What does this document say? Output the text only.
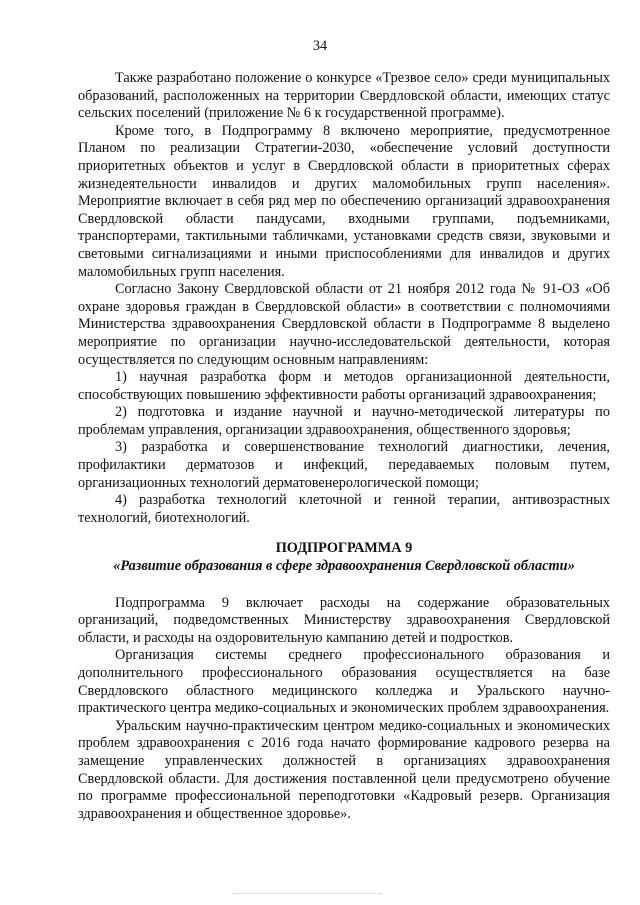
34

Также разработано положение о конкурсе «Трезвое село» среди муниципальных образований, расположенных на территории Свердловской области, имеющих статус сельских поселений (приложение № 6 к государственной программе).

Кроме того, в Подпрограмму 8 включено мероприятие, предусмотренное Планом по реализации Стратегии-2030, «обеспечение условий доступности приоритетных объектов и услуг в Свердловской области в приоритетных сферах жизнедеятельности инвалидов и других маломобильных групп населения». Мероприятие включает в себя ряд мер по обеспечению организаций здравоохранения Свердловской области пандусами, входными группами, подъемниками, транспортерами, тактильными табличками, установками средств связи, звуковыми и световыми сигнализациями и иными приспособлениями для инвалидов и других маломобильных групп населения.

Согласно Закону Свердловской области от 21 ноября 2012 года № 91-ОЗ «Об охране здоровья граждан в Свердловской области» в соответствии с полномочиями Министерства здравоохранения Свердловской области в Подпрограмме 8 выделено мероприятие по организации научно-исследовательской деятельности, которая осуществляется по следующим основным направлениям:

1) научная разработка форм и методов организационной деятельности, способствующих повышению эффективности работы организаций здравоохранения;

2) подготовка и издание научной и научно-методической литературы по проблемам управления, организации здравоохранения, общественного здоровья;

3) разработка и совершенствование технологий диагностики, лечения, профилактики дерматозов и инфекций, передаваемых половым путем, организационных технологий дерматовенерологической помощи;

4) разработка технологий клеточной и генной терапии, антивозрастных технологий, биотехнологий.

ПОДПРОГРАММА 9

«Развитие образования в сфере здравоохранения Свердловской области»

Подпрограмма 9 включает расходы на содержание образовательных организаций, подведомственных Министерству здравоохранения Свердловской области, и расходы на оздоровительную кампанию детей и подростков.

Организация системы среднего профессионального образования и дополнительного профессионального образования осуществляется на базе Свердловского областного медицинского колледжа и Уральского научно-практического центра медико-социальных и экономических проблем здравоохранения.

Уральским научно-практическим центром медико-социальных и экономических проблем здравоохранения с 2016 года начато формирование кадрового резерва на замещение управленческих должностей в организациях здравоохранения Свердловской области. Для достижения поставленной цели предусмотрено обучение по программе профессиональной переподготовки «Кадровый резерв. Организация здравоохранения и общественное здоровье».
